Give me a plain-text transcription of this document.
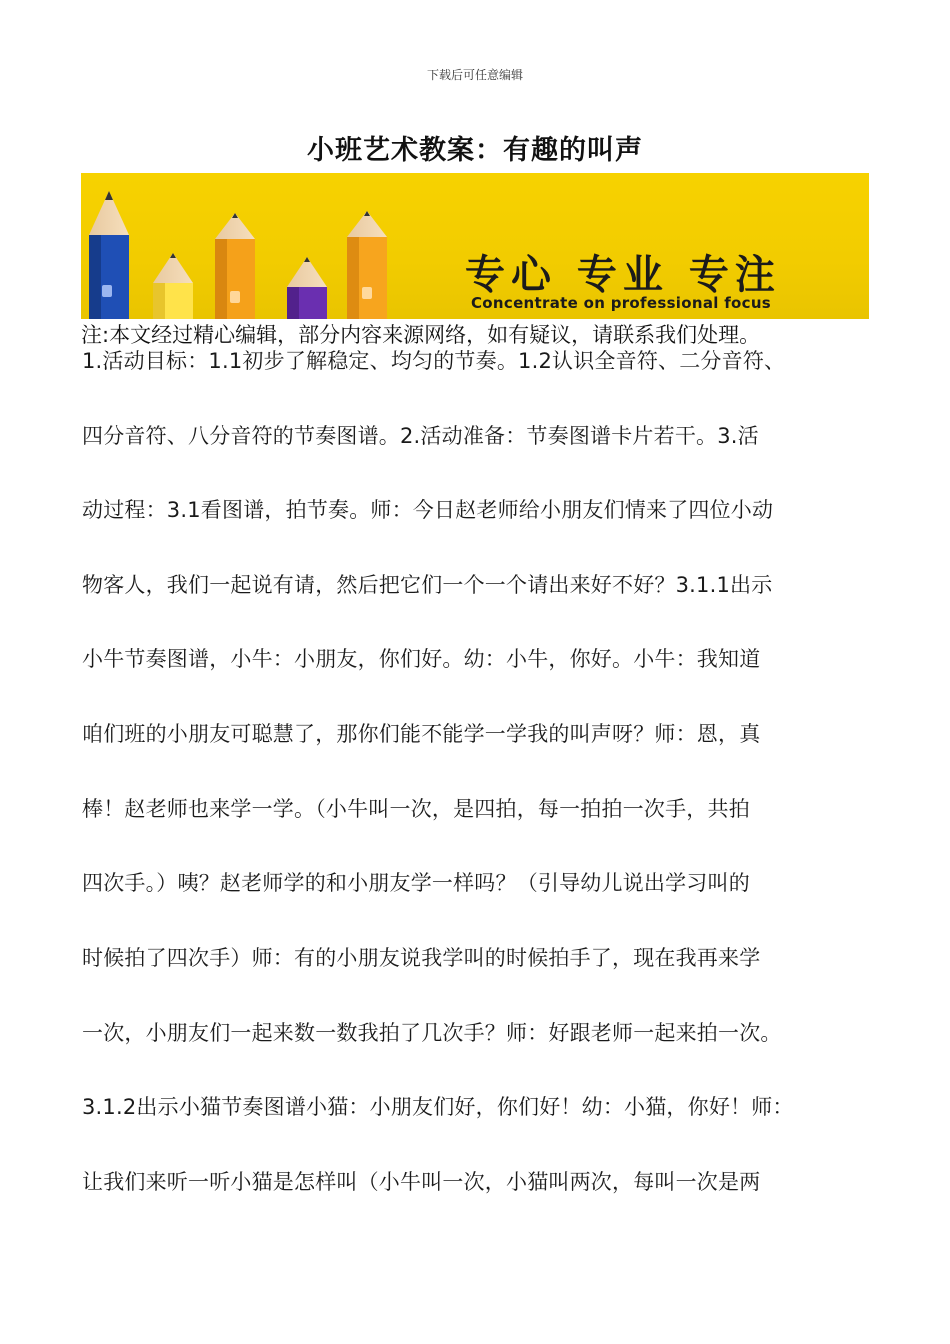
下载后可任意编辑
小班艺术教案：有趣的叫声
专心 专业 专注
Concentrate on professional focus
注:本文经过精心编辑，部分内容来源网络，如有疑议，请联系我们处理。
1.活动目标：1.1初步了解稳定、均匀的节奏。1.2认识全音符、二分音符、
四分音符、八分音符的节奏图谱。2.活动准备：节奏图谱卡片若干。3.活
动过程：3.1看图谱，拍节奏。师：今日赵老师给小朋友们情来了四位小动
物客人，我们一起说有请，然后把它们一个一个请出来好不好？3.1.1出示
小牛节奏图谱，小牛：小朋友，你们好。幼：小牛，你好。小牛：我知道
咱们班的小朋友可聪慧了，那你们能不能学一学我的叫声呀？师：恩，真
棒！赵老师也来学一学。（小牛叫一次，是四拍，每一拍拍一次手，共拍
四次手。）咦？赵老师学的和小朋友学一样吗？（引导幼儿说出学习叫的
时候拍了四次手）师：有的小朋友说我学叫的时候拍手了，现在我再来学
一次，小朋友们一起来数一数我拍了几次手？师：好跟老师一起来拍一次。
3.1.2出示小猫节奏图谱小猫：小朋友们好，你们好！幼：小猫，你好！师：
让我们来听一听小猫是怎样叫（小牛叫一次，小猫叫两次，每叫一次是两
